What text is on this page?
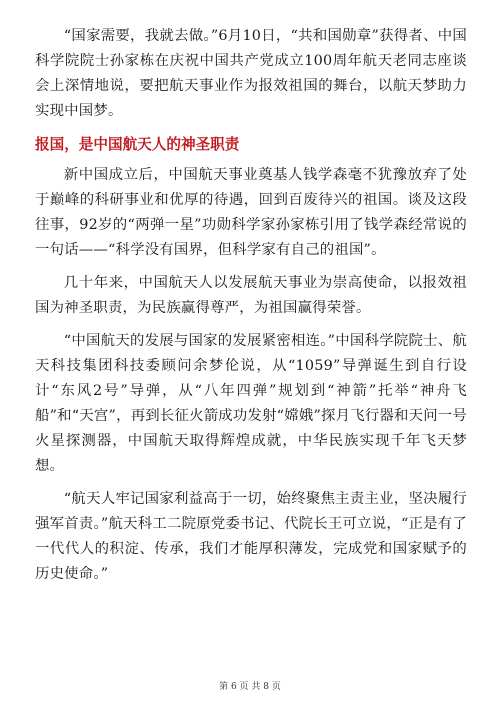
“国家需要，我就去做。”6月10日，“共和国勋章”获得者、中国科学院院士孙家栋在庆祝中国共产党成立100周年航天老同志座谈会上深情地说，要把航天事业作为报效祖国的舞台，以航天梦助力实现中国梦。

报国，是中国航天人的神圣职责

新中国成立后，中国航天事业奠基人钱学森毫不犹豫放弃了处于巅峰的科研事业和优厚的待遇，回到百废待兴的祖国。谈及这段往事，92岁的“两弹一星”功勋科学家孙家栋引用了钱学森经常说的一句话——“科学没有国界，但科学家有自己的祖国”。

几十年来，中国航天人以发展航天事业为崇高使命，以报效祖国为神圣职责，为民族赢得尊严，为祖国赢得荣誉。

“中国航天的发展与国家的发展紧密相连。”中国科学院院士、航天科技集团科技委顾问余梦伦说，从“1059”导弹诞生到自行设计“东风2号”导弹，从“八年四弹”规划到“神箭”托举“神舟飞船”和“天宫”，再到长征火箭成功发射“嫦娥”探月飞行器和天问一号火星探测器，中国航天取得辉煌成就，中华民族实现千年飞天梦想。

“航天人牢记国家利益高于一切，始终聚焦主责主业，坚决履行强军首责。”航天科工二院原党委书记、代院长王可立说，“正是有了一代代人的积淀、传承，我们才能厚积薄发，完成党和国家赋予的历史使命。”

第 6 页 共 8 页
